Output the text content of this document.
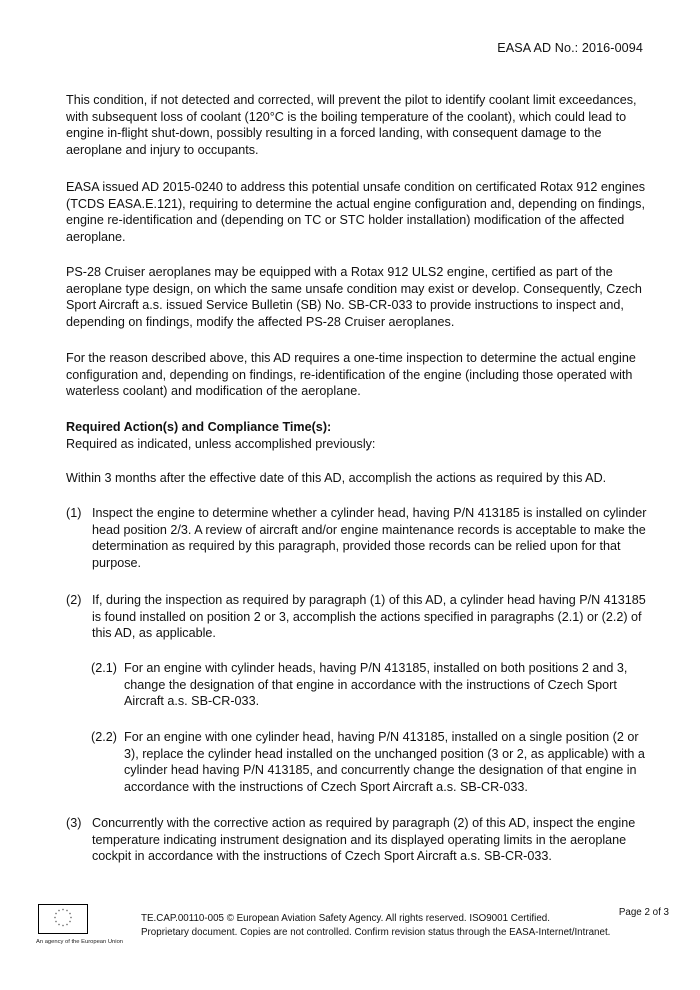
EASA AD No.: 2016-0094

This condition, if not detected and corrected, will prevent the pilot to identify coolant limit exceedances, with subsequent loss of coolant (120°C is the boiling temperature of the coolant), which could lead to engine in-flight shut-down, possibly resulting in a forced landing, with consequent damage to the aeroplane and injury to occupants.

EASA issued AD 2015-0240 to address this potential unsafe condition on certificated Rotax 912 engines (TCDS EASA.E.121), requiring to determine the actual engine configuration and, depending on findings, engine re-identification and (depending on TC or STC holder installation) modification of the affected aeroplane.

PS-28 Cruiser aeroplanes may be equipped with a Rotax 912 ULS2 engine, certified as part of the aeroplane type design, on which the same unsafe condition may exist or develop. Consequently, Czech Sport Aircraft a.s. issued Service Bulletin (SB) No. SB-CR-033 to provide instructions to inspect and, depending on findings, modify the affected PS-28 Cruiser aeroplanes.

For the reason described above, this AD requires a one-time inspection to determine the actual engine configuration and, depending on findings, re-identification of the engine (including those operated with waterless coolant) and modification of the aeroplane.

Required Action(s) and Compliance Time(s):
Required as indicated, unless accomplished previously:

Within 3 months after the effective date of this AD, accomplish the actions as required by this AD.

(1) Inspect the engine to determine whether a cylinder head, having P/N 413185 is installed on cylinder head position 2/3. A review of aircraft and/or engine maintenance records is acceptable to make the determination as required by this paragraph, provided those records can be relied upon for that purpose.

(2) If, during the inspection as required by paragraph (1) of this AD, a cylinder head having P/N 413185 is found installed on position 2 or 3, accomplish the actions specified in paragraphs (2.1) or (2.2) of this AD, as applicable.

(2.1) For an engine with cylinder heads, having P/N 413185, installed on both positions 2 and 3, change the designation of that engine in accordance with the instructions of Czech Sport Aircraft a.s. SB-CR-033.

(2.2) For an engine with one cylinder head, having P/N 413185, installed on a single position (2 or 3), replace the cylinder head installed on the unchanged position (3 or 2, as applicable) with a cylinder head having P/N 413185, and concurrently change the designation of that engine in accordance with the instructions of Czech Sport Aircraft a.s. SB-CR-033.

(3) Concurrently with the corrective action as required by paragraph (2) of this AD, inspect the engine temperature indicating instrument designation and its displayed operating limits in the aeroplane cockpit in accordance with the instructions of Czech Sport Aircraft a.s. SB-CR-033.

* *
*
*
*
*
*
*
*
*
*
*
An agency of the European Union
TE.CAP.00110-005 © European Aviation Safety Agency. All rights reserved. ISO9001 Certified.
Proprietary document. Copies are not controlled. Confirm revision status through the EASA-Internet/Intranet.
Page 2 of 3
